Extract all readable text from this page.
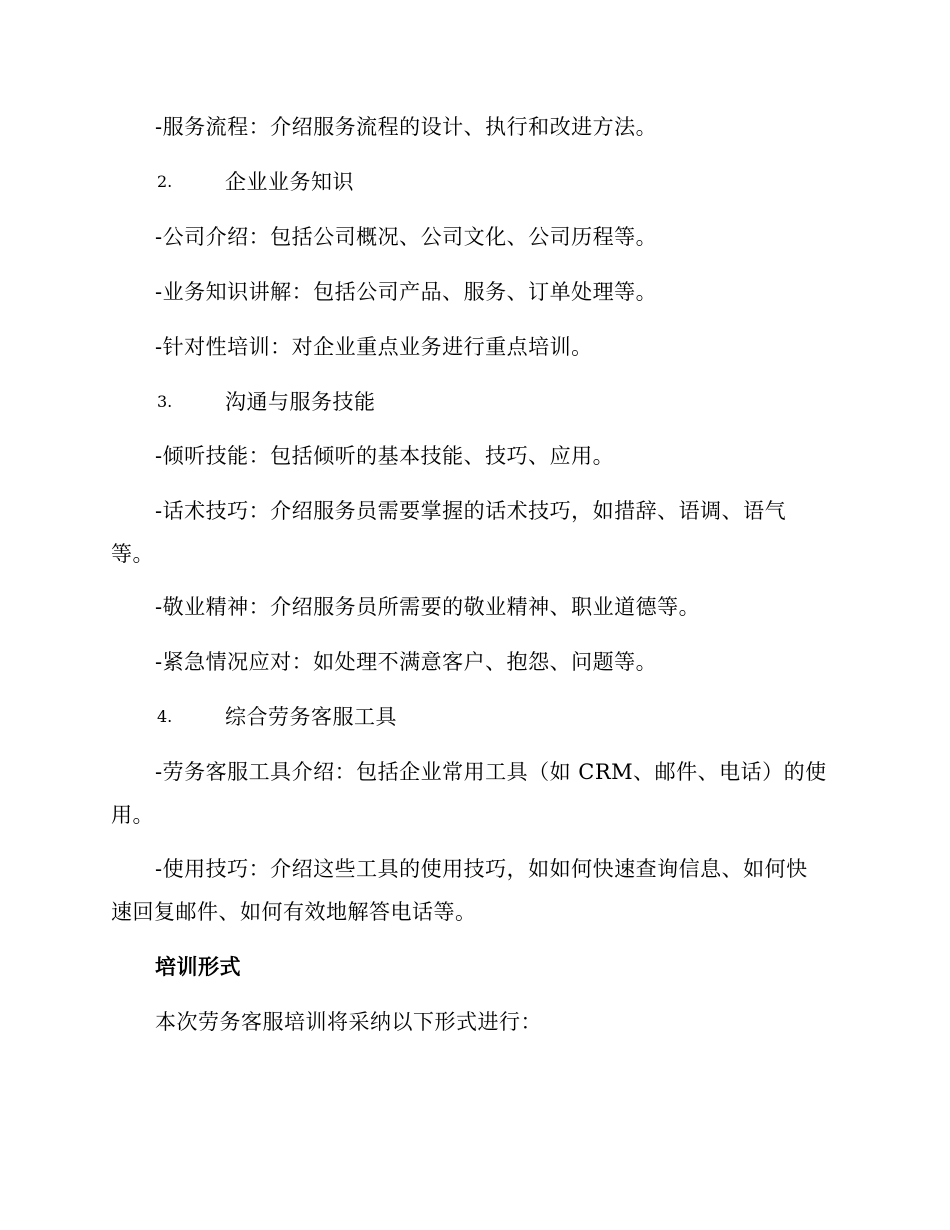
-服务流程：介绍服务流程的设计、执行和改进方法。
2.	企业业务知识
-公司介绍：包括公司概况、公司文化、公司历程等。
-业务知识讲解：包括公司产品、服务、订单处理等。
-针对性培训：对企业重点业务进行重点培训。
3.	沟通与服务技能
-倾听技能：包括倾听的基本技能、技巧、应用。
-话术技巧：介绍服务员需要掌握的话术技巧，如措辞、语调、语气
等。
-敬业精神：介绍服务员所需要的敬业精神、职业道德等。
-紧急情况应对：如处理不满意客户、抱怨、问题等。
4.	综合劳务客服工具
-劳务客服工具介绍：包括企业常用工具（如 CRM、邮件、电话）的使
用。
-使用技巧：介绍这些工具的使用技巧，如如何快速查询信息、如何快
速回复邮件、如何有效地解答电话等。
培训形式
本次劳务客服培训将采纳以下形式进行：
